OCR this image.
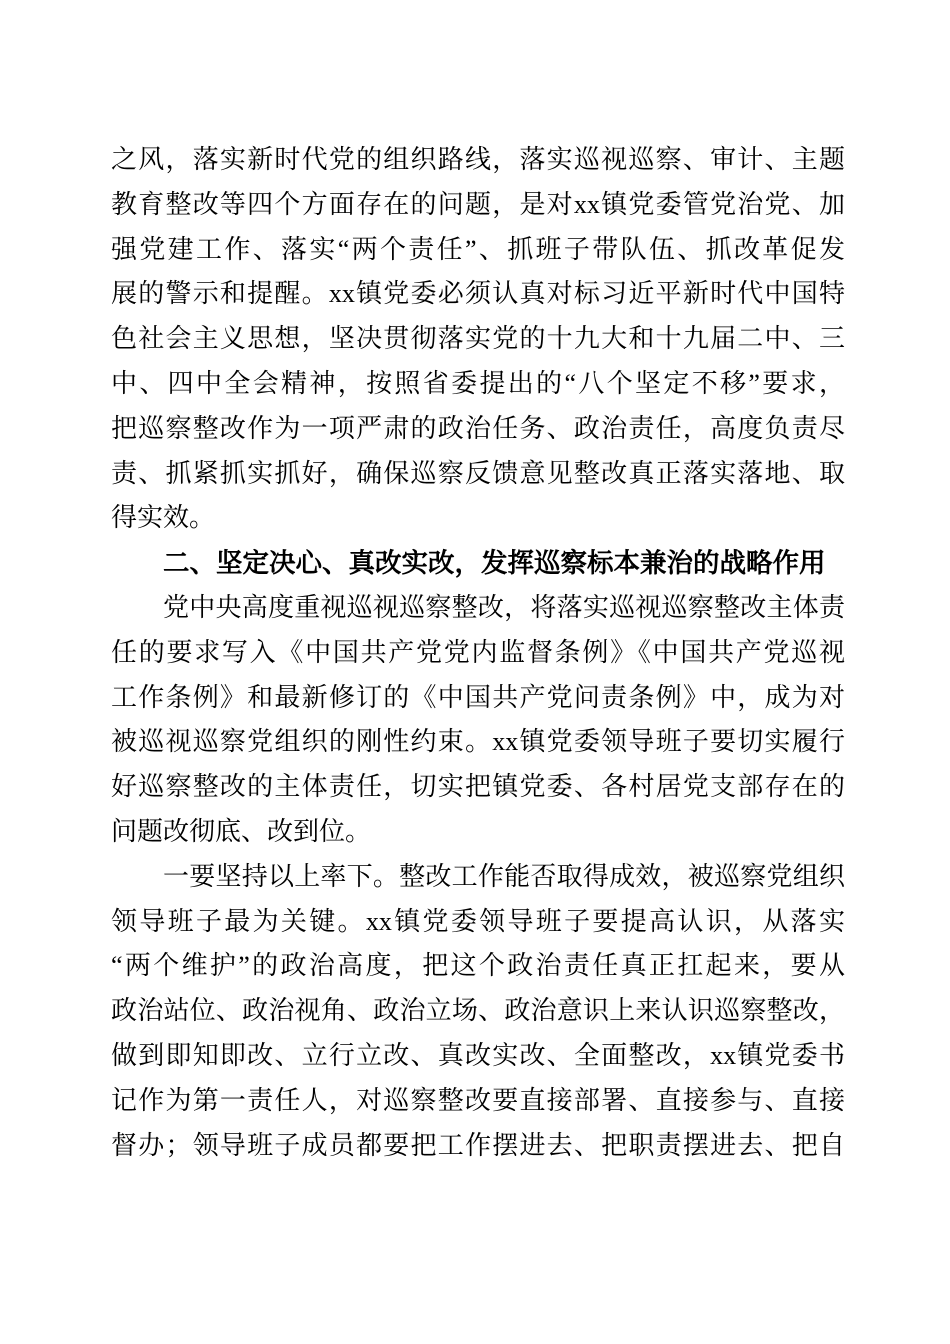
之风，落实新时代党的组织路线，落实巡视巡察、审计、主题
教育整改等四个方面存在的问题，是对xx镇党委管党治党、加
强党建工作、落实“两个责任”、抓班子带队伍、抓改革促发
展的警示和提醒。xx镇党委必须认真对标习近平新时代中国特
色社会主义思想，坚决贯彻落实党的十九大和十九届二中、三
中、四中全会精神，按照省委提出的“八个坚定不移”要求，
把巡察整改作为一项严肃的政治任务、政治责任，高度负责尽
责、抓紧抓实抓好，确保巡察反馈意见整改真正落实落地、取
得实效。
二、坚定决心、真改实改，发挥巡察标本兼治的战略作用
党中央高度重视巡视巡察整改，将落实巡视巡察整改主体责
任的要求写入《中国共产党党内监督条例》《中国共产党巡视
工作条例》和最新修订的《中国共产党问责条例》中，成为对
被巡视巡察党组织的刚性约束。xx镇党委领导班子要切实履行
好巡察整改的主体责任，切实把镇党委、各村居党支部存在的
问题改彻底、改到位。
一要坚持以上率下。整改工作能否取得成效，被巡察党组织
领导班子最为关键。xx镇党委领导班子要提高认识，从落实
“两个维护”的政治高度，把这个政治责任真正扛起来，要从
政治站位、政治视角、政治立场、政治意识上来认识巡察整改，
做到即知即改、立行立改、真改实改、全面整改，xx镇党委书
记作为第一责任人，对巡察整改要直接部署、直接参与、直接
督办；领导班子成员都要把工作摆进去、把职责摆进去、把自
